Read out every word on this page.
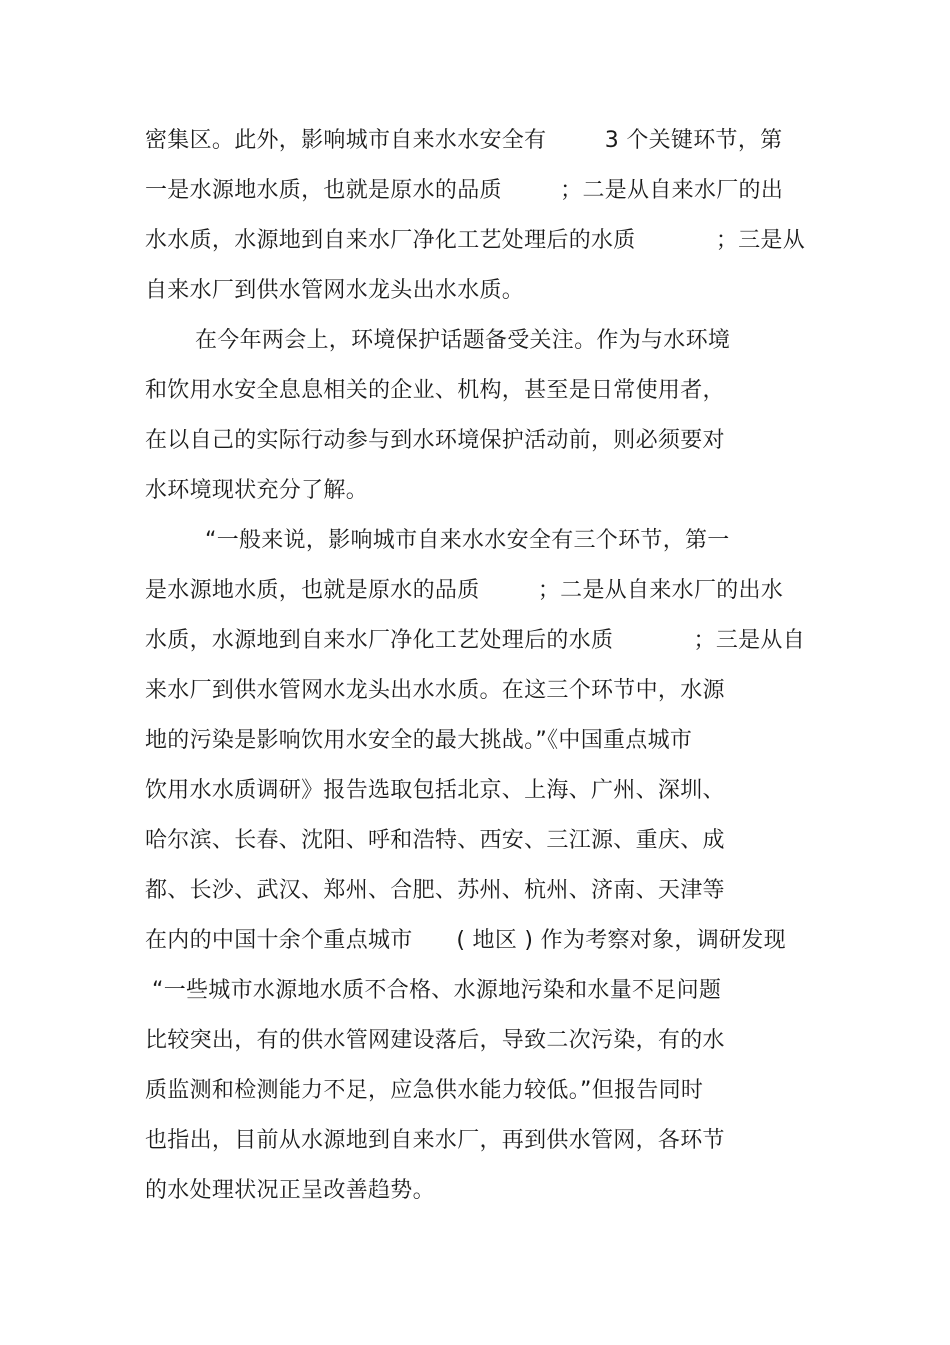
密集区。此外，影响城市自来水水安全有        3 个关键环节，第
一是水源地水质，也就是原水的品质        ；二是从自来水厂的出
水水质，水源地到自来水厂净化工艺处理后的水质           ；三是从
自来水厂到供水管网水龙头出水水质。
在今年两会上，环境保护话题备受关注。作为与水环境
和饮用水安全息息相关的企业、机构，甚至是日常使用者，
在以自己的实际行动参与到水环境保护活动前，则必须要对
水环境现状充分了解。
“一般来说，影响城市自来水水安全有三个环节，第一
是水源地水质，也就是原水的品质        ；二是从自来水厂的出水
水质，水源地到自来水厂净化工艺处理后的水质           ；三是从自
来水厂到供水管网水龙头出水水质。在这三个环节中，水源
地的污染是影响饮用水安全的最大挑战。”《中国重点城市
饮用水水质调研》报告选取包括北京、上海、广州、深圳、
哈尔滨、长春、沈阳、呼和浩特、西安、三江源、重庆、成
都、长沙、武汉、郑州、合肥、苏州、杭州、济南、天津等
在内的中国十余个重点城市      ( 地区 ) 作为考察对象，调研发现
“一些城市水源地水质不合格、水源地污染和水量不足问题
比较突出，有的供水管网建设落后，导致二次污染，有的水
质监测和检测能力不足，应急供水能力较低。”但报告同时
也指出，目前从水源地到自来水厂，再到供水管网，各环节
的水处理状况正呈改善趋势。
